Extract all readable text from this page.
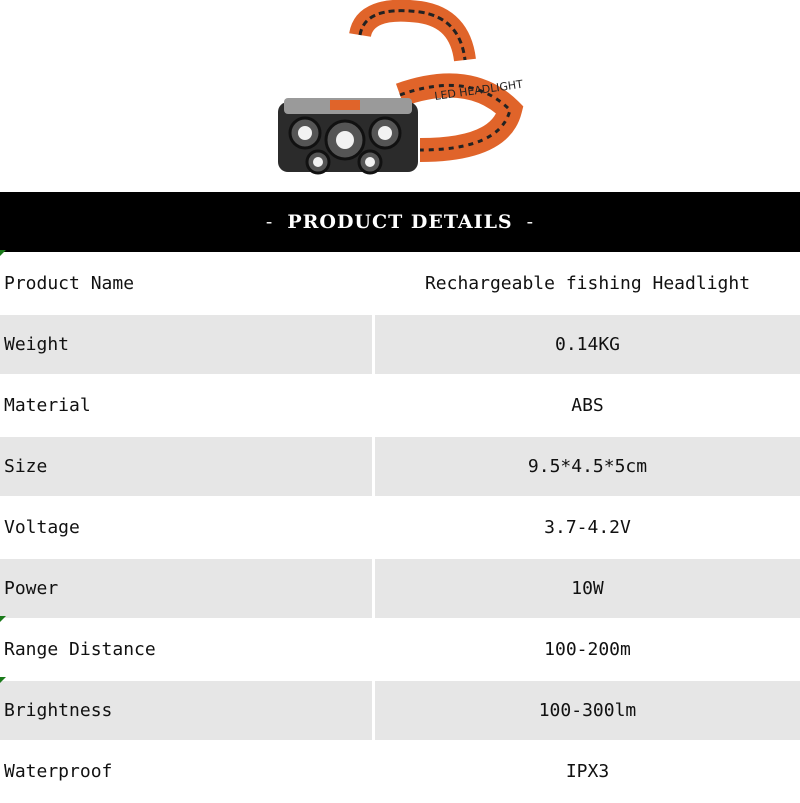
LED HEADLIGHT
- PRODUCT DETAILS -
Product Name	Rechargeable fishing Headlight
Weight	0.14KG
Material	ABS
Size	9.5*4.5*5cm
Voltage	3.7-4.2V
Power	10W
Range Distance	100-200m
Brightness	100-300lm
Waterproof	IPX3
